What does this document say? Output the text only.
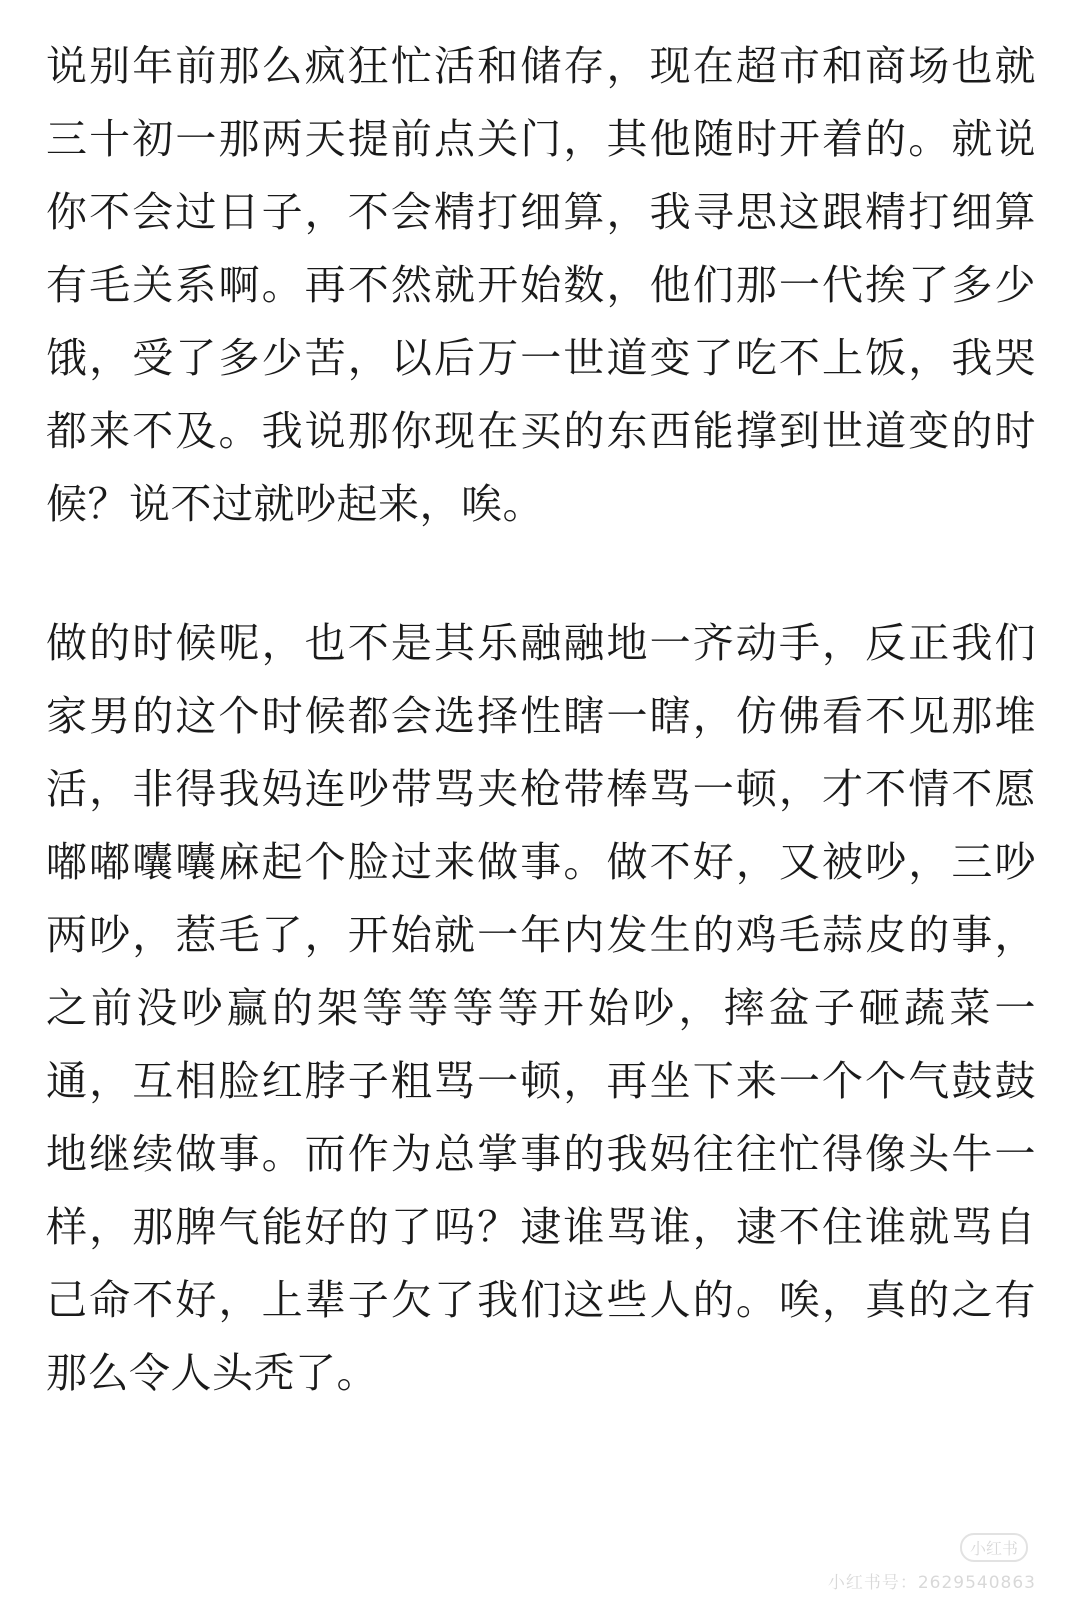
说别年前那么疯狂忙活和储存，现在超市和商场也就三十初一那两天提前点关门，其他随时开着的。就说你不会过日子，不会精打细算，我寻思这跟精打细算有毛关系啊。再不然就开始数，他们那一代挨了多少饿，受了多少苦，以后万一世道变了吃不上饭，我哭都来不及。我说那你现在买的东西能撑到世道变的时候？说不过就吵起来，唉。

做的时候呢，也不是其乐融融地一齐动手，反正我们家男的这个时候都会选择性瞎一瞎，仿佛看不见那堆活，非得我妈连吵带骂夹枪带棒骂一顿，才不情不愿嘟嘟囔囔麻起个脸过来做事。做不好，又被吵，三吵两吵，惹毛了，开始就一年内发生的鸡毛蒜皮的事，之前没吵赢的架等等等等开始吵，摔盆子砸蔬菜一通，互相脸红脖子粗骂一顿，再坐下来一个个气鼓鼓地继续做事。而作为总掌事的我妈往往忙得像头牛一样，那脾气能好的了吗？逮谁骂谁，逮不住谁就骂自己命不好，上辈子欠了我们这些人的。唉，真的之有那么令人头秃了。

小红书
小红书号：2629540863
